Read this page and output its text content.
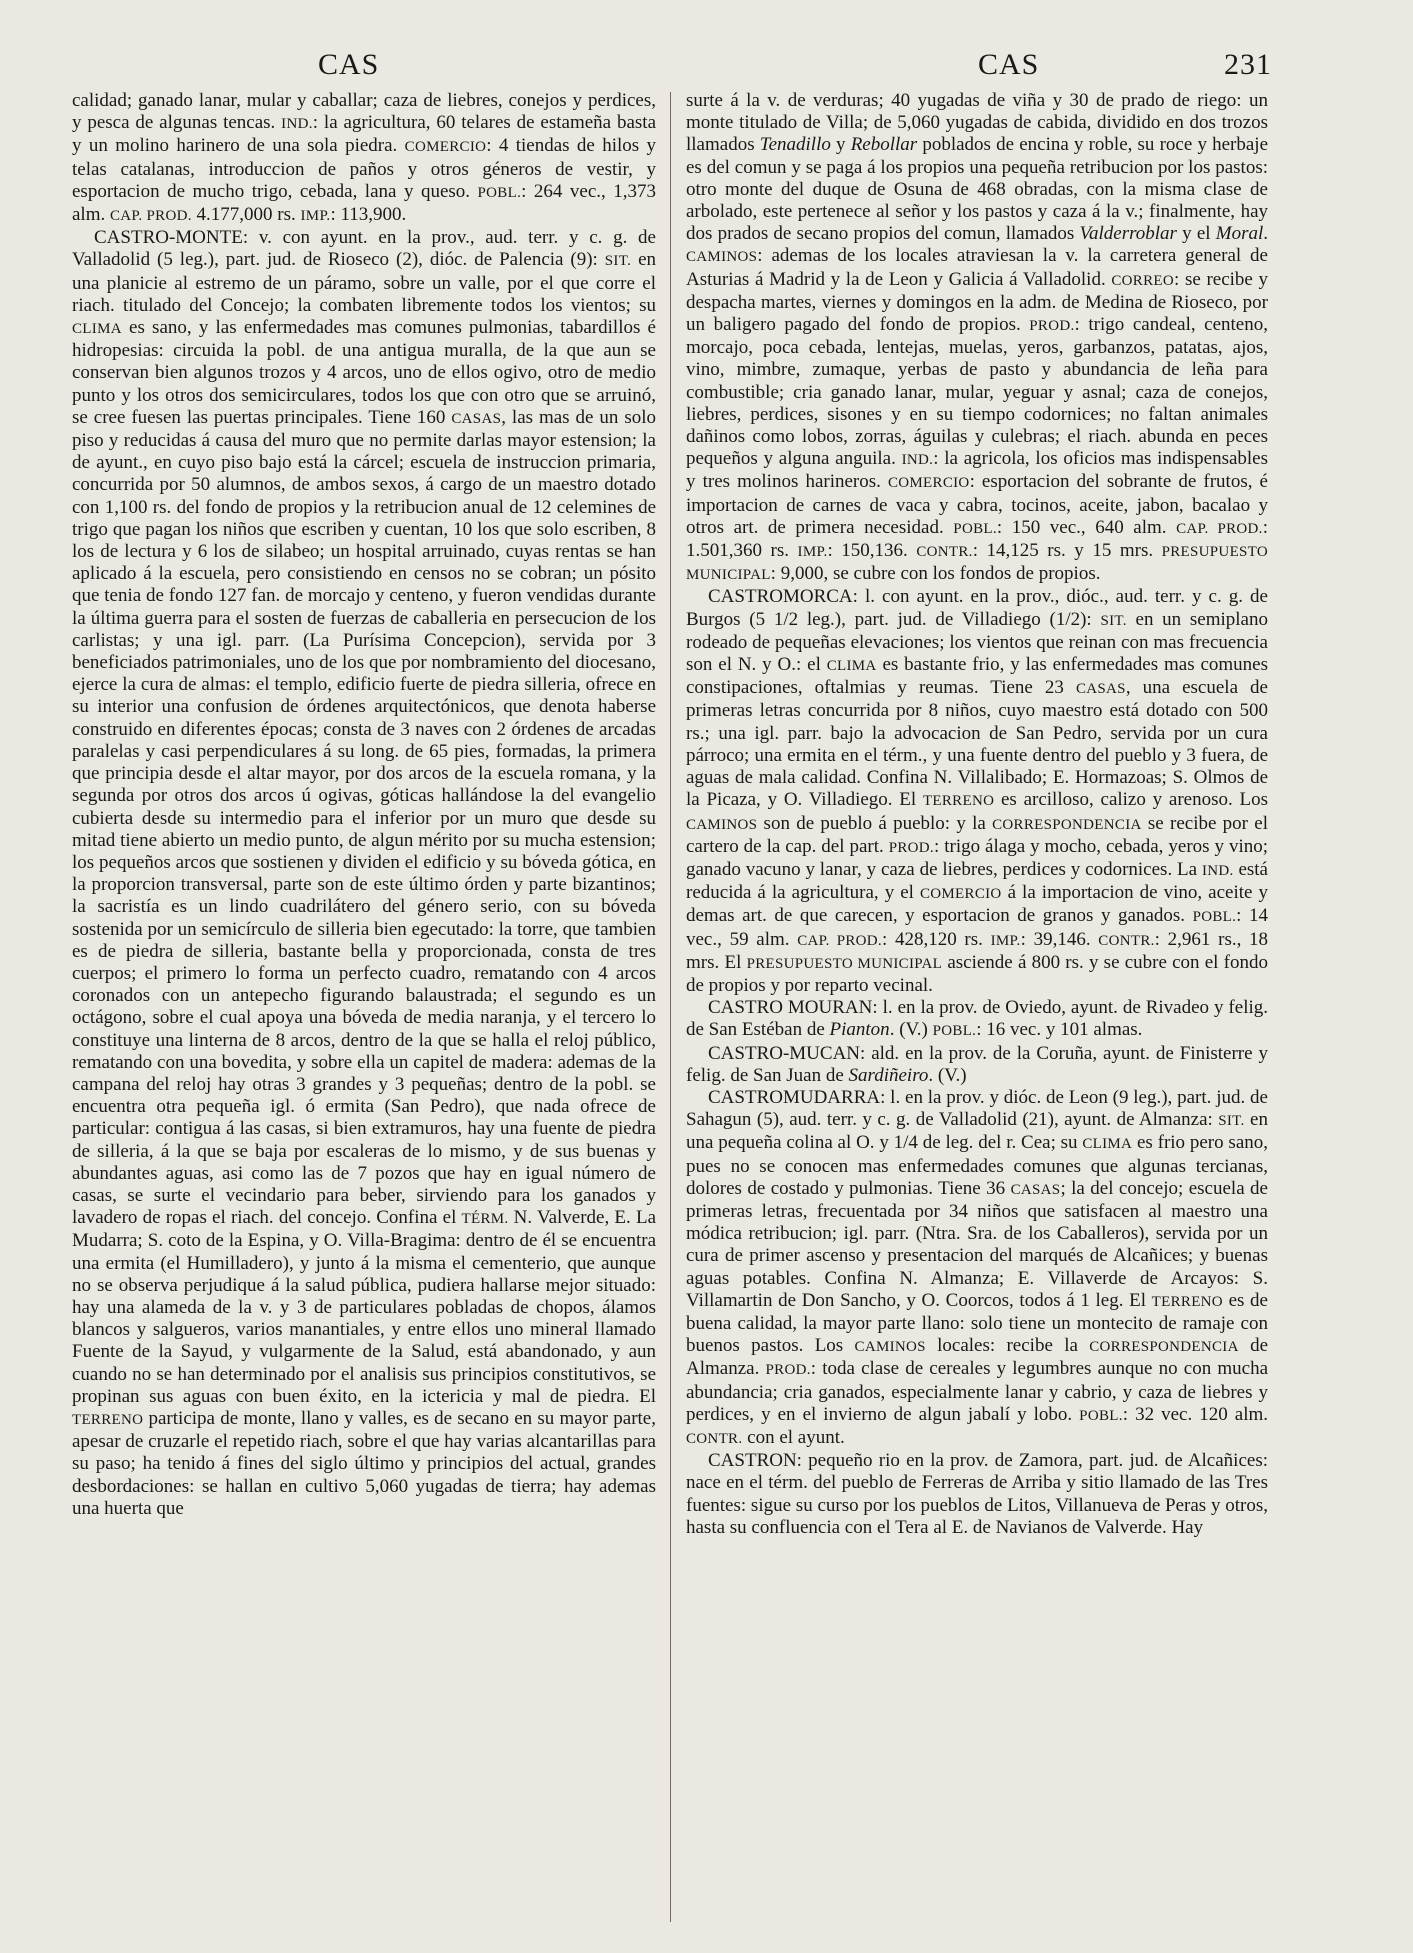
CAS	CAS	231

calidad; ganado lanar, mular y caballar; caza de liebres, conejos y perdices, y pesca de algunas tencas. IND.: la agricultura, 60 telares de estameña basta y un molino harinero de una sola piedra. COMERCIO: 4 tiendas de hilos y telas catalanas, introduccion de paños y otros géneros de vestir, y esportacion de mucho trigo, cebada, lana y queso. POBL.: 264 vec., 1,373 alm. CAP. PROD. 4.177,000 rs. IMP.: 113,900.

CASTRO-MONTE: v. con ayunt. en la prov., aud. terr. y c. g. de Valladolid (5 leg.), part. jud. de Rioseco (2), dióc. de Palencia (9): SIT. en una planicie al estremo de un páramo, sobre un valle, por el que corre el riach. titulado del Concejo; la combaten libremente todos los vientos; su CLIMA es sano, y las enfermedades mas comunes pulmonias, tabardillos é hidropesias: circuida la pobl. de una antigua muralla, de la que aun se conservan bien algunos trozos y 4 arcos, uno de ellos ogivo, otro de medio punto y los otros dos semicirculares, todos los que con otro que se arruinó, se cree fuesen las puertas principales. Tiene 160 CASAS, las mas de un solo piso y reducidas á causa del muro que no permite darlas mayor estension; la de ayunt., en cuyo piso bajo está la cárcel; escuela de instruccion primaria, concurrida por 50 alumnos, de ambos sexos, á cargo de un maestro dotado con 1,100 rs. del fondo de propios y la retribucion anual de 12 celemines de trigo que pagan los niños que escriben y cuentan, 10 los que solo escriben, 8 los de lectura y 6 los de silabeo; un hospital arruinado, cuyas rentas se han aplicado á la escuela, pero consistiendo en censos no se cobran; un pósito que tenia de fondo 127 fan. de morcajo y centeno, y fueron vendidas durante la última guerra para el sosten de fuerzas de caballeria en persecucion de los carlistas; y una igl. parr. (La Purísima Concepcion), servida por 3 beneficiados patrimoniales, uno de los que por nombramiento del diocesano, ejerce la cura de almas: el templo, edificio fuerte de piedra silleria, ofrece en su interior una confusion de órdenes arquitectónicos, que denota haberse construido en diferentes épocas; consta de 3 naves con 2 órdenes de arcadas paralelas y casi perpendiculares á su long. de 65 pies, formadas, la primera que principia desde el altar mayor, por dos arcos de la escuela romana, y la segunda por otros dos arcos ú ogivas, góticas hallándose la del evangelio cubierta desde su intermedio para el inferior por un muro que desde su mitad tiene abierto un medio punto, de algun mérito por su mucha estension; los pequeños arcos que sostienen y dividen el edificio y su bóveda gótica, en la proporcion transversal, parte son de este último órden y parte bizantinos; la sacristía es un lindo cuadrilátero del género serio, con su bóveda sostenida por un semicírculo de silleria bien egecutado: la torre, que tambien es de piedra de silleria, bastante bella y proporcionada, consta de tres cuerpos; el primero lo forma un perfecto cuadro, rematando con 4 arcos coronados con un antepecho figurando balaustrada; el segundo es un octágono, sobre el cual apoya una bóveda de media naranja, y el tercero lo constituye una linterna de 8 arcos, dentro de la que se halla el reloj público, rematando con una bovedita, y sobre ella un capitel de madera: ademas de la campana del reloj hay otras 3 grandes y 3 pequeñas; dentro de la pobl. se encuentra otra pequeña igl. ó ermita (San Pedro), que nada ofrece de particular: contigua á las casas, si bien extramuros, hay una fuente de piedra de silleria, á la que se baja por escaleras de lo mismo, y de sus buenas y abundantes aguas, asi como las de 7 pozos que hay en igual número de casas, se surte el vecindario para beber, sirviendo para los ganados y lavadero de ropas el riach. del concejo. Confina el TÉRM. N. Valverde, E. La Mudarra; S. coto de la Espina, y O. Villa-Bragima: dentro de él se encuentra una ermita (el Humilladero), y junto á la misma el cementerio, que aunque no se observa perjudique á la salud pública, pudiera hallarse mejor situado: hay una alameda de la v. y 3 de particulares pobladas de chopos, álamos blancos y salgueros, varios manantiales, y entre ellos uno mineral llamado Fuente de la Sayud, y vulgarmente de la Salud, está abandonado, y aun cuando no se han determinado por el analisis sus principios constitutivos, se propinan sus aguas con buen éxito, en la ictericia y mal de piedra. El TERRENO participa de monte, llano y valles, es de secano en su mayor parte, apesar de cruzarle el repetido riach, sobre el que hay varias alcantarillas para su paso; ha tenido á fines del siglo último y principios del actual, grandes desbordaciones: se hallan en cultivo 5,060 yugadas de tierra; hay ademas una huerta que

surte á la v. de verduras; 40 yugadas de viña y 30 de prado de riego: un monte titulado de Villa; de 5,060 yugadas de cabida, dividido en dos trozos llamados Tenadillo y Rebollar poblados de encina y roble, su roce y herbaje es del comun y se paga á los propios una pequeña retribucion por los pastos: otro monte del duque de Osuna de 468 obradas, con la misma clase de arbolado, este pertenece al señor y los pastos y caza á la v.; finalmente, hay dos prados de secano propios del comun, llamados Valderroblar y el Moral. CAMINOS: ademas de los locales atraviesan la v. la carretera general de Asturias á Madrid y la de Leon y Galicia á Valladolid. CORREO: se recibe y despacha martes, viernes y domingos en la adm. de Medina de Rioseco, por un baligero pagado del fondo de propios. PROD.: trigo candeal, centeno, morcajo, poca cebada, lentejas, muelas, yeros, garbanzos, patatas, ajos, vino, mimbre, zumaque, yerbas de pasto y abundancia de leña para combustible; cria ganado lanar, mular, yeguar y asnal; caza de conejos, liebres, perdices, sisones y en su tiempo codornices; no faltan animales dañinos como lobos, zorras, águilas y culebras; el riach. abunda en peces pequeños y alguna anguila. IND.: la agricola, los oficios mas indispensables y tres molinos harineros. COMERCIO: esportacion del sobrante de frutos, é importacion de carnes de vaca y cabra, tocinos, aceite, jabon, bacalao y otros art. de primera necesidad. POBL.: 150 vec., 640 alm. CAP. PROD.: 1.501,360 rs. IMP.: 150,136. CONTR.: 14,125 rs. y 15 mrs. PRESUPUESTO MUNICIPAL: 9,000, se cubre con los fondos de propios.

CASTROMORCA: l. con ayunt. en la prov., dióc., aud. terr. y c. g. de Burgos (5 1/2 leg.), part. jud. de Villadiego (1/2): SIT. en un semiplano rodeado de pequeñas elevaciones; los vientos que reinan con mas frecuencia son el N. y O.: el CLIMA es bastante frio, y las enfermedades mas comunes constipaciones, oftalmias y reumas. Tiene 23 CASAS, una escuela de primeras letras concurrida por 8 niños, cuyo maestro está dotado con 500 rs.; una igl. parr. bajo la advocacion de San Pedro, servida por un cura párroco; una ermita en el térm., y una fuente dentro del pueblo y 3 fuera, de aguas de mala calidad. Confina N. Villalibado; E. Hormazoas; S. Olmos de la Picaza, y O. Villadiego. El TERRENO es arcilloso, calizo y arenoso. Los CAMINOS son de pueblo á pueblo: y la CORRESPONDENCIA se recibe por el cartero de la cap. del part. PROD.: trigo álaga y mocho, cebada, yeros y vino; ganado vacuno y lanar, y caza de liebres, perdices y codornices. La IND. está reducida á la agricultura, y el COMERCIO á la importacion de vino, aceite y demas art. de que carecen, y esportacion de granos y ganados. POBL.: 14 vec., 59 alm. CAP. PROD.: 428,120 rs. IMP.: 39,146. CONTR.: 2,961 rs., 18 mrs. El PRESUPUESTO MUNICIPAL asciende á 800 rs. y se cubre con el fondo de propios y por reparto vecinal.

CASTRO MOURAN: l. en la prov. de Oviedo, ayunt. de Rivadeo y felig. de San Estéban de Pianton. (V.) POBL.: 16 vec. y 101 almas.

CASTRO-MUCAN: ald. en la prov. de la Coruña, ayunt. de Finisterre y felig. de San Juan de Sardiñeiro. (V.)

CASTROMUDARRA: l. en la prov. y dióc. de Leon (9 leg.), part. jud. de Sahagun (5), aud. terr. y c. g. de Valladolid (21), ayunt. de Almanza: SIT. en una pequeña colina al O. y 1/4 de leg. del r. Cea; su CLIMA es frio pero sano, pues no se conocen mas enfermedades comunes que algunas tercianas, dolores de costado y pulmonias. Tiene 36 CASAS; la del concejo; escuela de primeras letras, frecuentada por 34 niños que satisfacen al maestro una módica retribucion; igl. parr. (Ntra. Sra. de los Caballeros), servida por un cura de primer ascenso y presentacion del marqués de Alcañices; y buenas aguas potables. Confina N. Almanza; E. Villaverde de Arcayos: S. Villamartin de Don Sancho, y O. Coorcos, todos á 1 leg. El TERRENO es de buena calidad, la mayor parte llano: solo tiene un montecito de ramaje con buenos pastos. Los CAMINOS locales: recibe la CORRESPONDENCIA de Almanza. PROD.: toda clase de cereales y legumbres aunque no con mucha abundancia; cria ganados, especialmente lanar y cabrio, y caza de liebres y perdices, y en el invierno de algun jabalí y lobo. POBL.: 32 vec. 120 alm. CONTR. con el ayunt.

CASTRON: pequeño rio en la prov. de Zamora, part. jud. de Alcañices: nace en el térm. del pueblo de Ferreras de Arriba y sitio llamado de las Tres fuentes: sigue su curso por los pueblos de Litos, Villanueva de Peras y otros, hasta su confluencia con el Tera al E. de Navianos de Valverde. Hay
